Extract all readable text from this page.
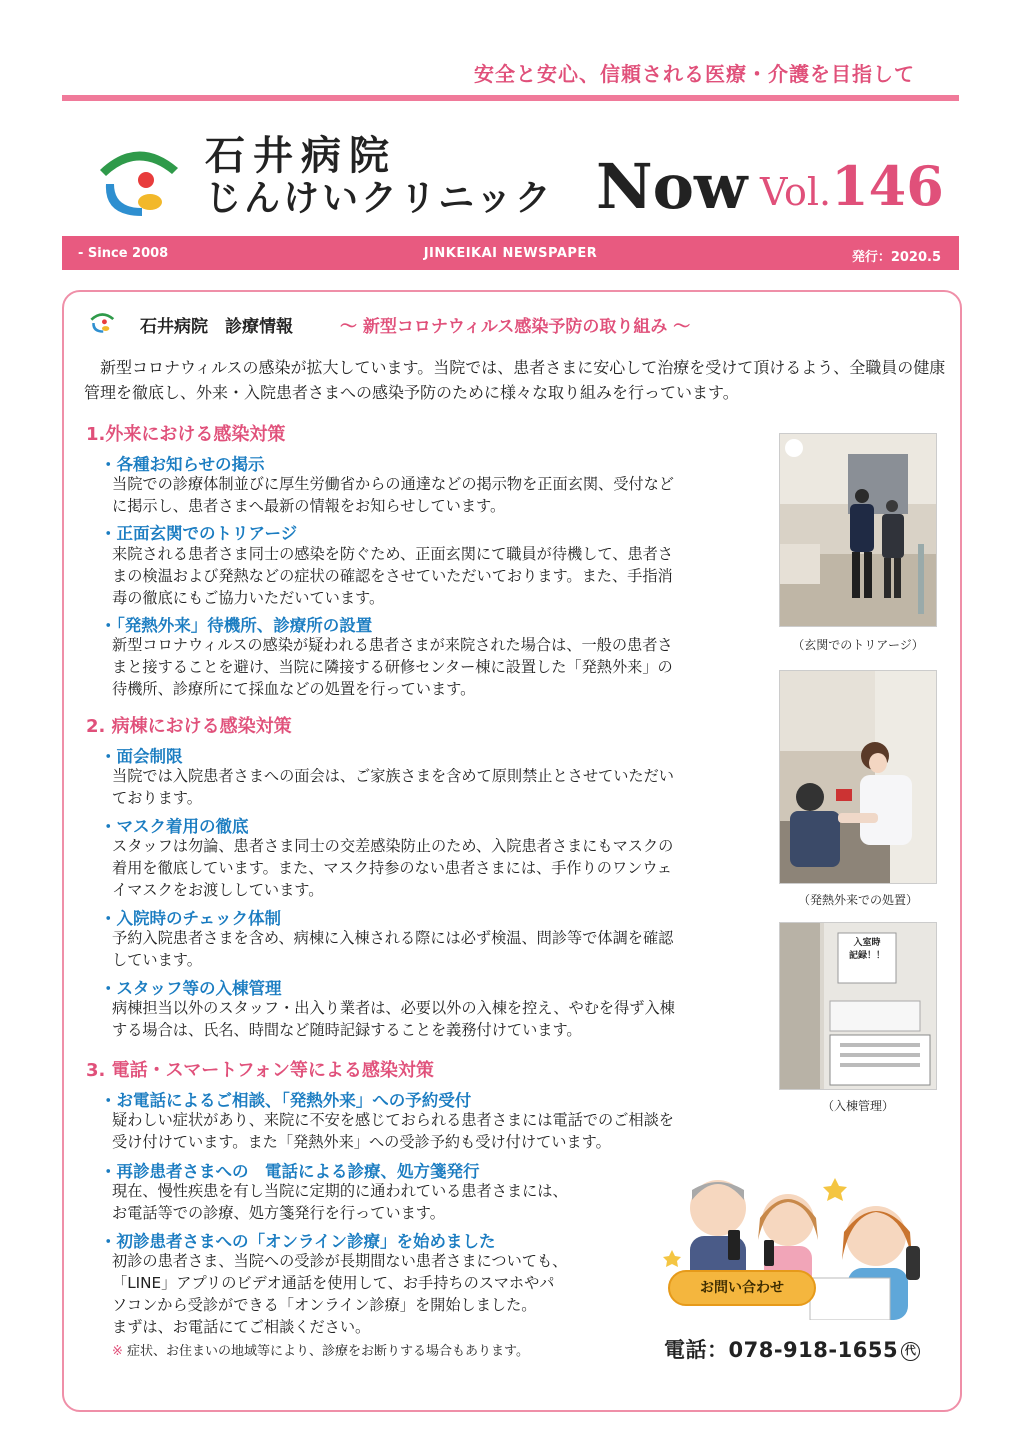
安全と安心、信頼される医療・介護を目指して
石井病院
じんけいクリニック Now Vol.146
JINKEIKAI NEWSPAPER
- Since 2008	発行：2020.5
石井病院　診療情報	～ 新型コロナウィルス感染予防の取り組み ～
新型コロナウィルスの感染が拡大しています。当院では、患者さまに安心して治療を受けて頂けるよう、全職員の健康管理を徹底し、外来・入院患者さまへの感染予防のために様々な取り組みを行っています。
1.外来における感染対策
・各種お知らせの掲示
当院での診療体制並びに厚生労働省からの通達などの掲示物を正面玄関、受付など
に掲示し、患者さまへ最新の情報をお知らせしています。
・正面玄関でのトリアージ
来院される患者さま同士の感染を防ぐため、正面玄関にて職員が待機して、患者さ
まの検温および発熱などの症状の確認をさせていただいております。また、手指消
毒の徹底にもご協力いただいています。
・「発熱外来」待機所、診療所の設置
新型コロナウィルスの感染が疑われる患者さまが来院された場合は、一般の患者さ
まと接することを避け、当院に隣接する研修センター棟に設置した「発熱外来」の
待機所、診療所にて採血などの処置を行っています。
2. 病棟における感染対策
・面会制限
当院では入院患者さまへの面会は、ご家族さまを含めて原則禁止とさせていただい
ております。
・マスク着用の徹底
スタッフは勿論、患者さま同士の交差感染防止のため、入院患者さまにもマスクの
着用を徹底しています。また、マスク持参のない患者さまには、手作りのワンウェ
イマスクをお渡ししています。
・入院時のチェック体制
予約入院患者さまを含め、病棟に入棟される際には必ず検温、問診等で体調を確認
しています。
・スタッフ等の入棟管理
病棟担当以外のスタッフ・出入り業者は、必要以外の入棟を控え、やむを得ず入棟
する場合は、氏名、時間など随時記録することを義務付けています。
3. 電話・スマートフォン等による感染対策
・お電話によるご相談、「発熱外来」への予約受付
疑わしい症状があり、来院に不安を感じておられる患者さまには電話でのご相談を
受け付けています。また「発熱外来」への受診予約も受け付けています。
・再診患者さまへの　電話による診療、処方箋発行
現在、慢性疾患を有し当院に定期的に通われている患者さまには、
お電話等での診療、処方箋発行を行っています。
・初診患者さまへの「オンライン診療」を始めました
初診の患者さま、当院への受診が長期間ない患者さまについても、
「LINE」アプリのビデオ通話を使用して、お手持ちのスマホやパ
ソコンから受診ができる「オンライン診療」を開始しました。
まずは、お電話にてご相談ください。
※ 症状、お住まいの地域等により、診療をお断りする場合もあります。
（玄関でのトリアージ）
（発熱外来での処置）
入室時
記録！！
（入棟管理）
お問い合わせ
電話：078-918-1655 代
